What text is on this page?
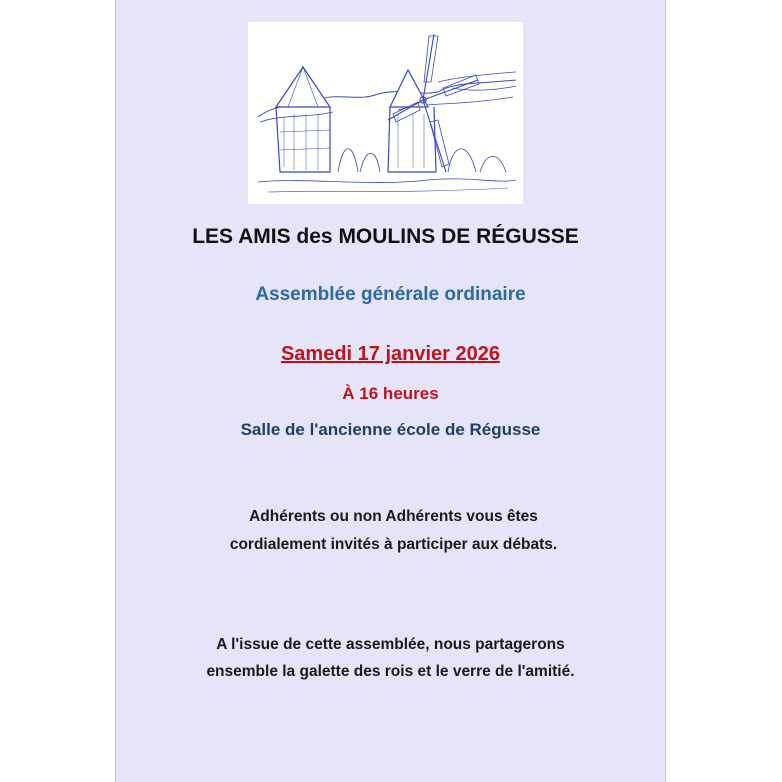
LES AMIS des MOULINS DE RÉGUSSE
Assemblée générale ordinaire
Samedi 17 janvier 2026
À 16 heures
Salle de l'ancienne école de Régusse
Adhérents ou non Adhérents vous êtes
cordialement invités à participer aux débats.
A l'issue de cette assemblée, nous partagerons
ensemble la galette des rois et le verre de l'amitié.
